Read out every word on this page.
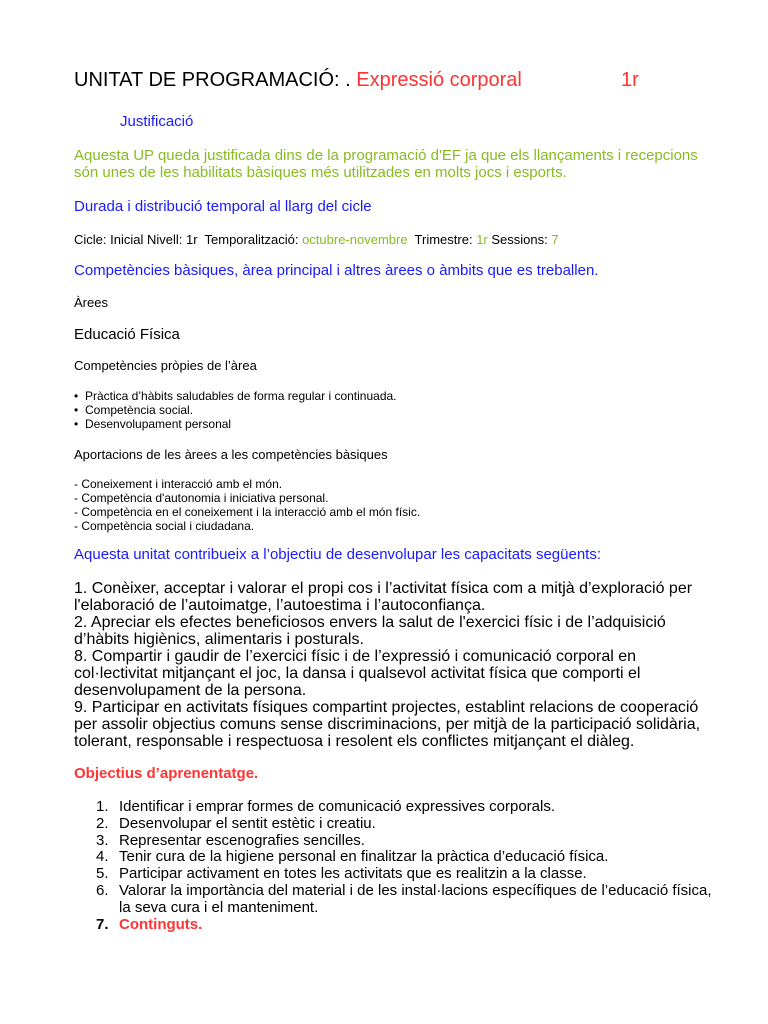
UNITAT DE PROGRAMACIÓ: . Expressió corporal	1r
Justificació
Aquesta UP queda justificada dins de la programació d'EF ja que els llançaments i recepcions són unes de les habilitats bàsiques més utilitzades en molts jocs i esports.
Durada i distribució temporal al llarg del cicle
Cicle: Inicial Nivell: 1r  Temporalització: octubre-novembre  Trimestre: 1r Sessions: 7
Competències bàsiques, àrea principal i altres àrees o àmbits que es treballen.
Àrees
Educació Física
Competències pròpies de l’àrea
• Pràctica d’hàbits saludables de forma regular i continuada.
• Competència social.
• Desenvolupament personal
Aportacions de les àrees a les competències bàsiques
- Coneixement i interacció amb el món.
- Competència d'autonomia i iniciativa personal.
- Competència en el coneixement i la interacció amb el món físic.
- Competència social i ciudadana.
Aquesta unitat contribueix a l’objectiu de desenvolupar les capacitats següents:
1. Conèixer, acceptar i valorar el propi cos i l’activitat física com a mitjà d’exploració per
l'elaboració de l’autoimatge, l’autoestima i l’autoconfiança.
2. Apreciar els efectes beneficiosos envers la salut de l'exercici físic i de l’adquisició
d’hàbits higiènics, alimentaris i posturals.
8. Compartir i gaudir de l’exercici físic i de l’expressió i comunicació corporal en
col·lectivitat mitjançant el joc, la dansa i qualsevol activitat física que comporti el
desenvolupament de la persona.
9. Participar en activitats físiques compartint projectes, establint relacions de cooperació
per assolir objectius comuns sense discriminacions, per mitjà de la participació solidària,
tolerant, responsable i respectuosa i resolent els conflictes mitjançant el diàleg.
Objectius d’aprenentatge.
1. Identificar i emprar formes de comunicació expressives corporals.
2. Desenvolupar el sentit estètic i creatiu.
3. Representar escenografies sencilles.
4. Tenir cura de la higiene personal en finalitzar la pràctica d’educació física.
5. Participar activament en totes les activitats que es realitzin a la classe.
6. Valorar la importància del material i de les instal·lacions específiques de l’educació física, la seva cura i el manteniment.
7. Continguts.
